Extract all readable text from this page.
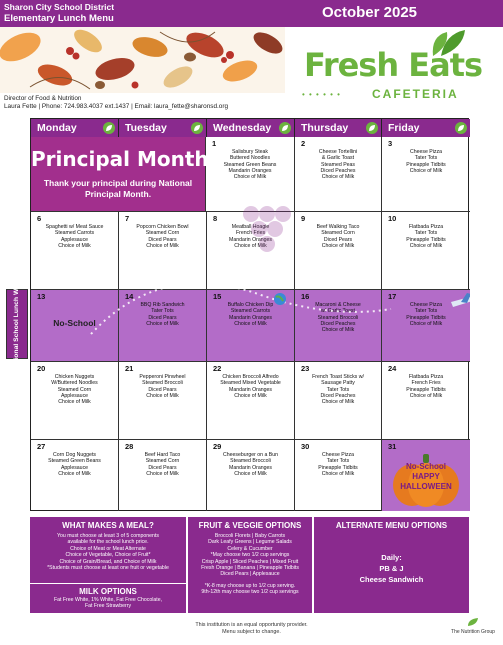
Sharon City School District
Elementary Lunch Menu	October 2025
Fresh Eats
• • • • • •	CAFETERIA
Director of Food & Nutrition
Laura Fette | Phone: 724.983.4037 ext.1437 | Email: laura_fette@sharonsd.org
Monday	Tuesday	Wednesday	Thursday	Friday
Principal Month
Thank your principal during National Principal Month.
1
Salisbury Steak
Buttered Noodles
Steamed Green Beans
Mandarin Oranges
Choice of Milk
2
Cheese Tortellini
& Garlic Toast
Steamed Peas
Diced Peaches
Choice of Milk
3
Cheese Pizza
Tater Tots
Pineapple Tidbits
Choice of Milk
6
Spaghetti w/ Meat Sauce
Steamed Carrots
Applesauce
Choice of Milk
7
Popcorn Chicken Bowl
Steamed Corn
Diced Pears
Choice of Milk
8
Meatball Hoagie
French Fries
Mandarin Oranges
Choice of Milk
9
Beef Walking Taco
Steamed Corn
Diced Pears
Choice of Milk
10
Flatbada Pizza
Tater Tots
Pineapple Tidbits
Choice of Milk
No-School
13	14
BBQ Rib Sandwich
Tater Tots
Diced Pears
Choice of Milk
15
Buffalo Chicken Dip
Steamed Carrots
Mandarin Oranges
Choice of Milk
16
Macaroni & Cheese
w/ Garlic Toast
Steamed Broccoli
Diced Peaches
Choice of Milk
17
Cheese Pizza
Tater Tots
Pineapple Tidbits
Choice of Milk
20
Chicken Nuggets
W/Buttered Noodles
Steamed Corn
Applesauce
Choice of Milk
21
Pepperoni Pinwheel
Steamed Broccoli
Diced Pears
Choice of Milk
22
Chicken Broccoli Alfredo
Steamed Mixed Vegetable
Mandarin Oranges
Choice of Milk
23
French Toast Sticks w/
Sausage Patty
Tater Tots
Diced Peaches
Choice of Milk
24
Flatbada Pizza
French Fries
Pineapple Tidbits
Choice of Milk
27
Corn Dog Nuggets
Steamed Green Beans
Applesauce
Choice of Milk
28
Beef Hard Taco
Steamed Corn
Diced Pears
Choice of Milk
29
Cheeseburger on a Bun
Steamed Broccoli
Mandarin Oranges
Choice of Milk
30
Cheese Pizza
Tater Tots
Pineapple Tidbits
Choice of Milk
No-School
HAPPY
HALLOWEEN
31
National School Lunch Week
WHAT MAKES A MEAL?
You must choose at least 3 of 5 components
available for the school lunch price.
Choice of Meat or Meat Alternate
Choice of Vegetable, Choice of Fruit*
Choice of Grain/Bread, and Choice of Milk
*Students must choose at least one fruit or vegetable
MILK OPTIONS
Fat Free White, 1% White, Fat Free Chocolate,
Fat Free Strawberry
FRUIT & VEGGIE OPTIONS
Broccoli Florets | Baby Carrots
Dark Leafy Greens | Legume Salads
Celery & Cucumber
*May choose two 1/2 cup servings
Crisp Apple | Sliced Peaches | Mixed Fruit
Fresh Orange | Banana | Pineapple Tidbits
Diced Pears | Applesauce
*K-8 may choose up to 1/2 cup serving.
9th-12th may choose two 1/2 cup servings
ALTERNATE MENU OPTIONS
Daily:
PB & J
Cheese Sandwich
This institution is an equal opportunity provider.
Menu subject to change.	The Nutrition Group
